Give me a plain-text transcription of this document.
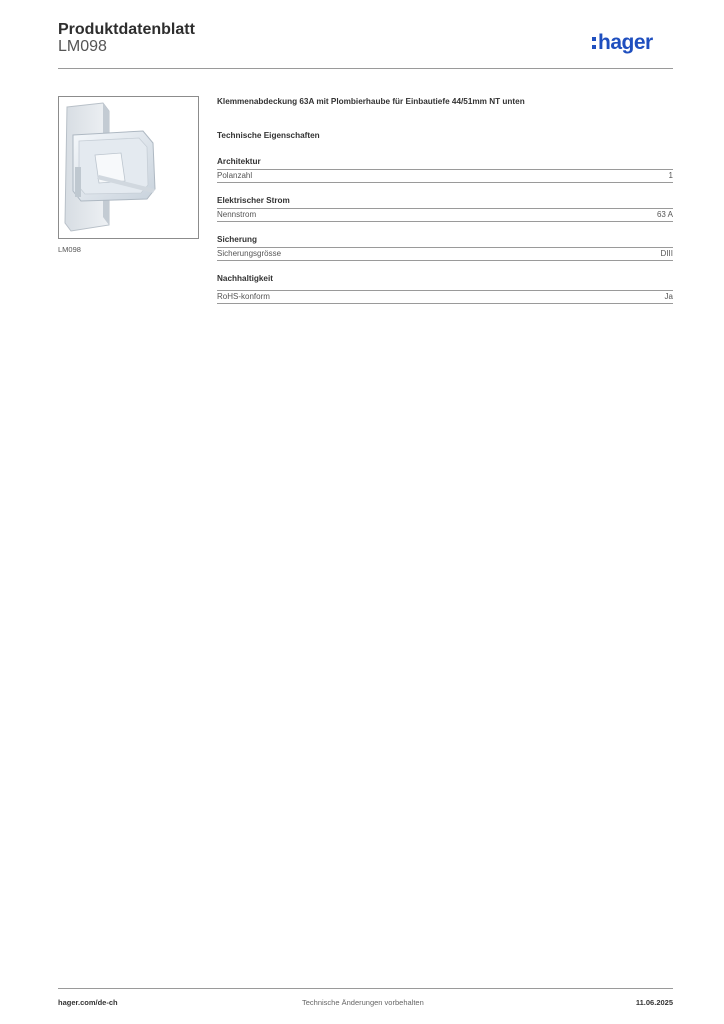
Produktdatenblatt
LM098	hager
LM098
Klemmenabdeckung 63A mit Plombierhaube für Einbautiefe 44/51mm NT unten
Technische Eigenschaften
Architektur
Polanzahl	1
Elektrischer Strom
Nennstrom	63 A
Sicherung
Sicherungsgrösse	DIII
Nachhaltigkeit
RoHS-konform	Ja
hager.com/de-ch	Technische Änderungen vorbehalten	11.06.2025
